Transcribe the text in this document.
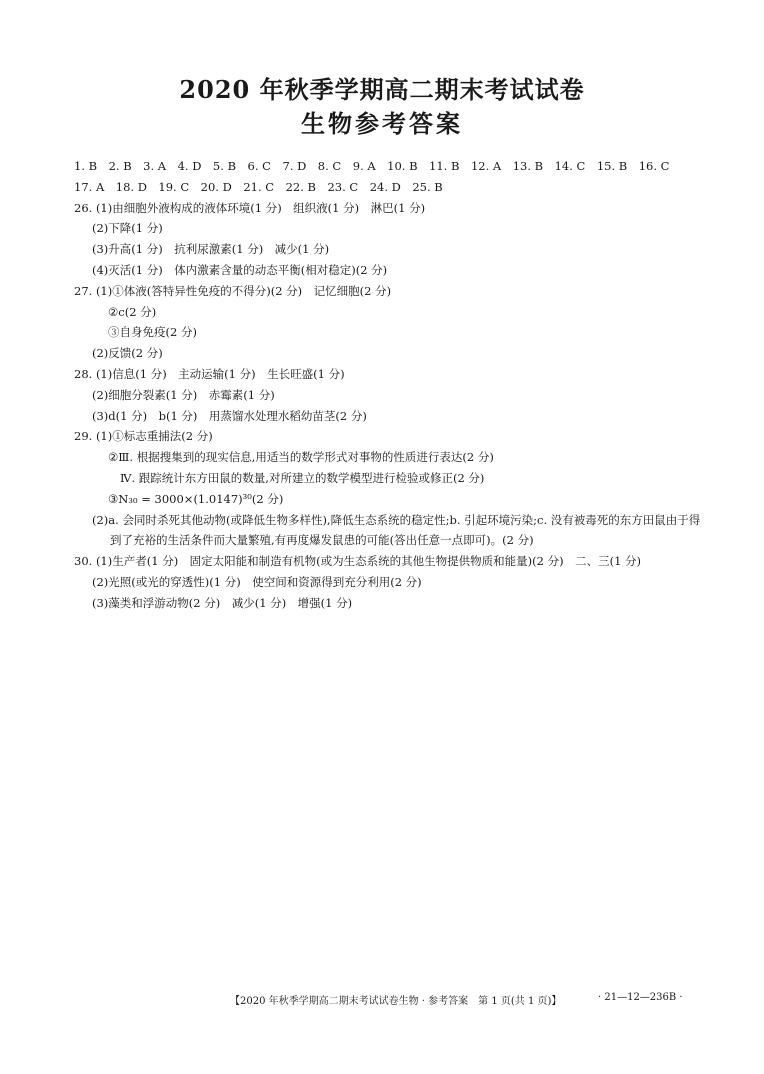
2020 年秋季学期高二期末考试试卷
生物参考答案
1. B　2. B　3. A　4. D　5. B　6. C　7. D　8. C　9. A　10. B　11. B　12. A　13. B　14. C　15. B　16. C
17. A　18. D　19. C　20. D　21. C　22. B　23. C　24. D　25. B
26. (1)由细胞外液构成的液体环境(1 分)　组织液(1 分)　淋巴(1 分)
(2)下降(1 分)
(3)升高(1 分)　抗利尿激素(1 分)　减少(1 分)
(4)灭活(1 分)　体内激素含量的动态平衡(相对稳定)(2 分)
27. (1)①体液(答特异性免疫的不得分)(2 分)　记忆细胞(2 分)
②c(2 分)
③自身免疫(2 分)
(2)反馈(2 分)
28. (1)信息(1 分)　主动运输(1 分)　生长旺盛(1 分)
(2)细胞分裂素(1 分)　赤霉素(1 分)
(3)d(1 分)　b(1 分)　用蒸馏水处理水稻幼苗茎(2 分)
29. (1)①标志重捕法(2 分)
②Ⅲ. 根据搜集到的现实信息,用适当的数学形式对事物的性质进行表达(2 分)
Ⅳ. 跟踪统计东方田鼠的数量,对所建立的数学模型进行检验或修正(2 分)
③N₃₀ = 3000×(1.0147)³⁰(2 分)
(2)a. 会同时杀死其他动物(或降低生物多样性),降低生态系统的稳定性;b. 引起环境污染;c. 没有被毒死的东方田鼠由于得到了充裕的生活条件而大量繁殖,有再度爆发鼠患的可能(答出任意一点即可)。(2 分)
30. (1)生产者(1 分)　固定太阳能和制造有机物(或为生态系统的其他生物提供物质和能量)(2 分)　二、三(1 分)
(2)光照(或光的穿透性)(1 分)　使空间和资源得到充分利用(2 分)
(3)藻类和浮游动物(2 分)　减少(1 分)　增强(1 分)
【2020 年秋季学期高二期末考试试卷生物 · 参考答案　第 1 页(共 1 页)】	· 21—12—236B ·
